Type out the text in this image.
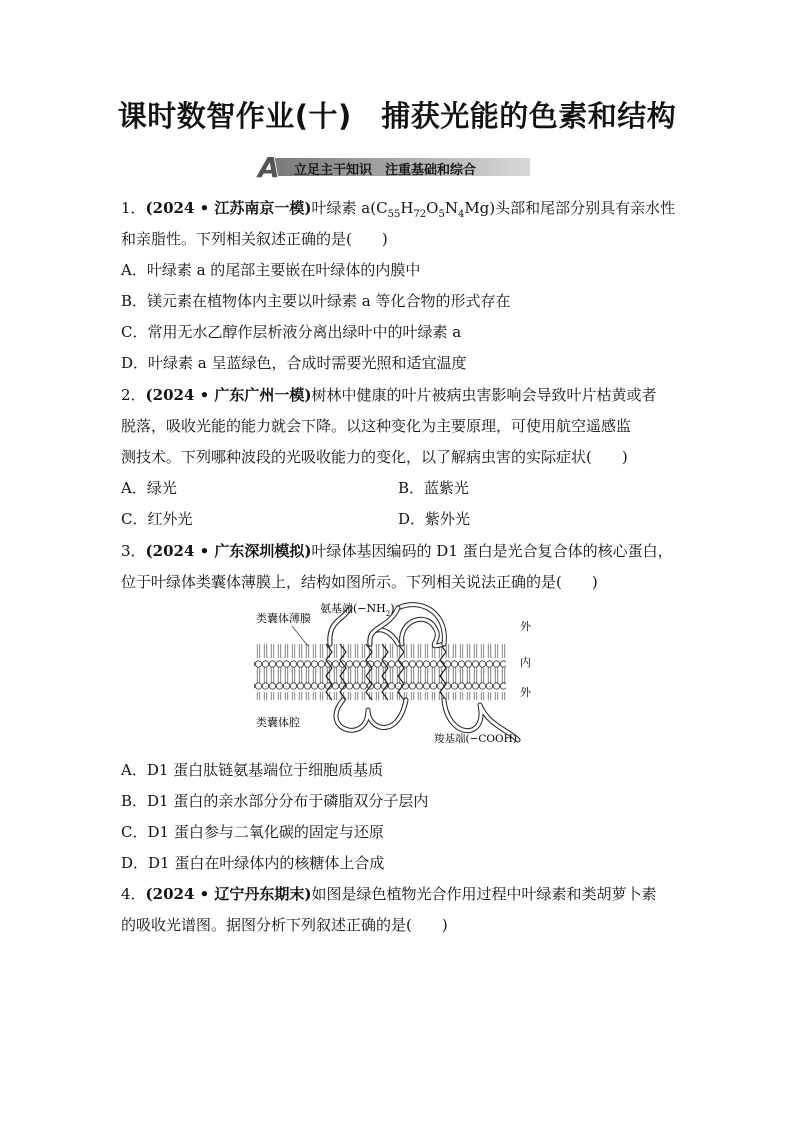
课时数智作业(十)　捕获光能的色素和结构
A 立足主干知识　注重基础和综合
1．(2024 • 江苏南京一模)叶绿素 $a(C_{55}H_{72}O_5N_4Mg)$头部和尾部分别具有亲水性
和亲脂性。下列相关叙述正确的是(　　)
A．叶绿素 a 的尾部主要嵌在叶绿体的内膜中
B．镁元素在植物体内主要以叶绿素 a 等化合物的形式存在
C．常用无水乙醇作层析液分离出绿叶中的叶绿素 a
D．叶绿素 a 呈蓝绿色，合成时需要光照和适宜温度
2．(2024 • 广东广州一模)树林中健康的叶片被病虫害影响会导致叶片枯黄或者
脱落，吸收光能的能力就会下降。以这种变化为主要原理，可使用航空遥感监
测技术。下列哪种波段的光吸收能力的变化，以了解病虫害的实际症状(　　)
A．绿光	B．蓝紫光
C．红外光	D．紫外光
3．(2024 • 广东深圳模拟)叶绿体基因编码的 D1 蛋白是光合复合体的核心蛋白，
位于叶绿体类囊体薄膜上，结构如图所示。下列相关说法正确的是(　　)
类囊体薄膜
氨基端$(-NH_2)$
外
内
外
类囊体腔
羧基端(−COOH)
A．D1 蛋白肽链氨基端位于细胞质基质
B．D1 蛋白的亲水部分分布于磷脂双分子层内
C．D1 蛋白参与二氧化碳的固定与还原
D．D1 蛋白在叶绿体内的核糖体上合成
4．(2024 • 辽宁丹东期末)如图是绿色植物光合作用过程中叶绿素和类胡萝卜素
的吸收光谱图。据图分析下列叙述正确的是(　　)
